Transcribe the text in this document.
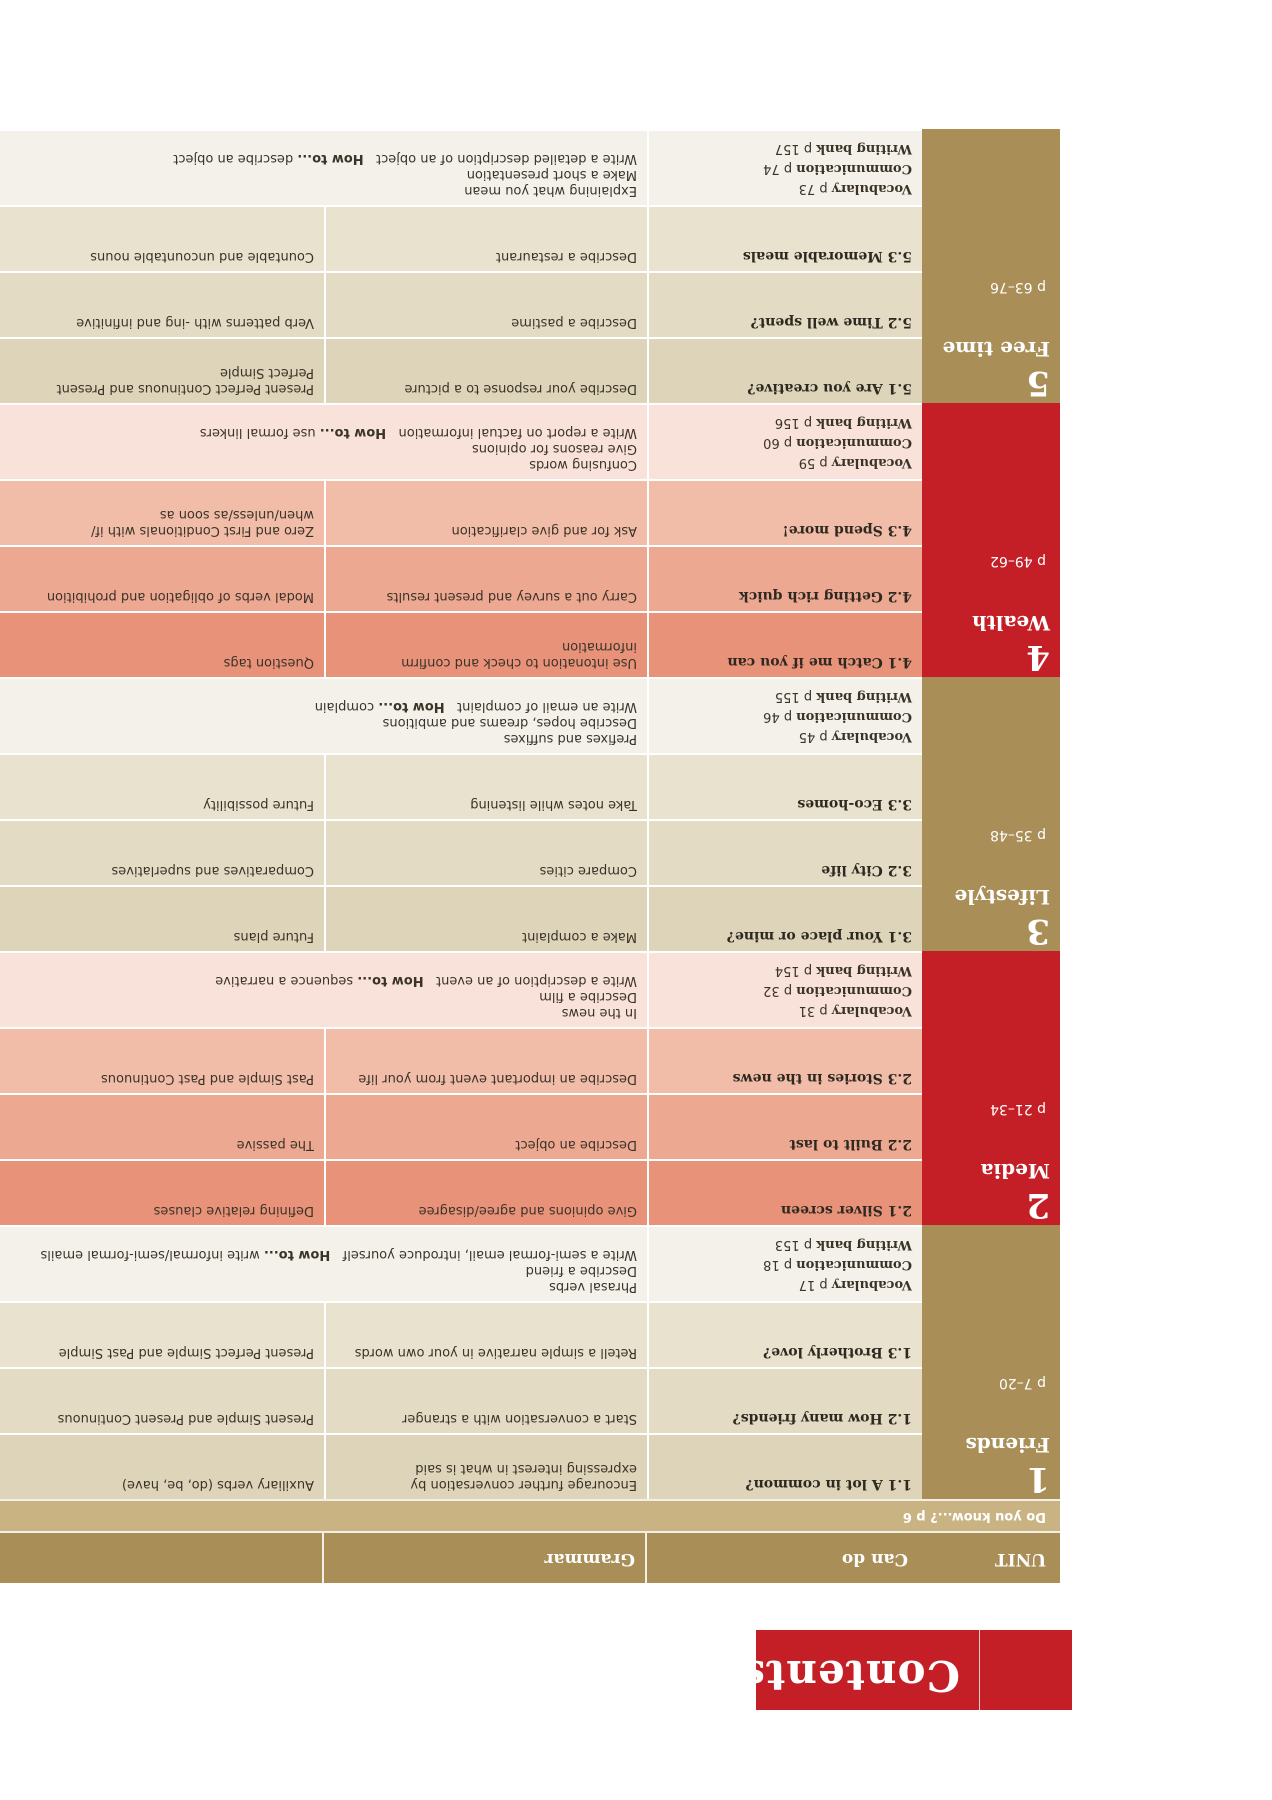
Contents
UNIT
Can do
Grammar
Do you know...? p 6
1
Friends
p 7–20
1.1 A lot in common?
Encourage further conversation by expressing interest in what is said
Auxiliary verbs (do, be, have)
1.2 How many friends?
Start a conversation with a stranger
Present Simple and Present Continuous
1.3 Brotherly love?
Retell a simple narrative in your own words
Present Perfect Simple and Past Simple
Vocabulary p 17
Communication p 18
Writing bank p 153
Phrasal verbs
Describe a friend
Write a semi-formal email, introduce yourself   How to... write informal/semi-formal emails
2
Media
p 21–34
2.1 Silver screen
Give opinions and agree/disagree
Defining relative clauses
2.2 Built to last
Describe an object
The passive
2.3 Stories in the news
Describe an important event from your life
Past Simple and Past Continuous
Vocabulary p 31
Communication p 32
Writing bank p 154
In the news
Describe a film
Write a description of an event   How to... sequence a narrative
3
Lifestyle
p 35–48
3.1 Your place or mine?
Make a complaint
Future plans
3.2 City life
Compare cities
Comparatives and superlatives
3.3 Eco-homes
Take notes while listening
Future possibility
Vocabulary p 45
Communication p 46
Writing bank p 155
Prefixes and suffixes
Describe hopes, dreams and ambitions
Write an email of complaint   How to... complain
4
Wealth
p 49–62
4.1 Catch me if you can
Use intonation to check and confirm information
Question tags
4.2 Getting rich quick
Carry out a survey and present results
Modal verbs of obligation and prohibition
4.3 Spend more!
Ask for and give clarification
Zero and First Conditionals with if/ when/unless/as soon as
Vocabulary p 59
Communication p 60
Writing bank p 156
Confusing words
Give reasons for opinions
Write a report on factual information   How to... use formal linkers
5
Free time
p 63–76
5.1 Are you creative?
Describe your response to a picture
Present Perfect Continuous and Present Perfect Simple
5.2 Time well spent?
Describe a pastime
Verb patterns with -ing and infinitive
5.3 Memorable meals
Describe a restaurant
Countable and uncountable nouns
Vocabulary p 73
Communication p 74
Writing bank p 157
Explaining what you mean
Make a short presentation
Write a detailed description of an object   How to... describe an object
